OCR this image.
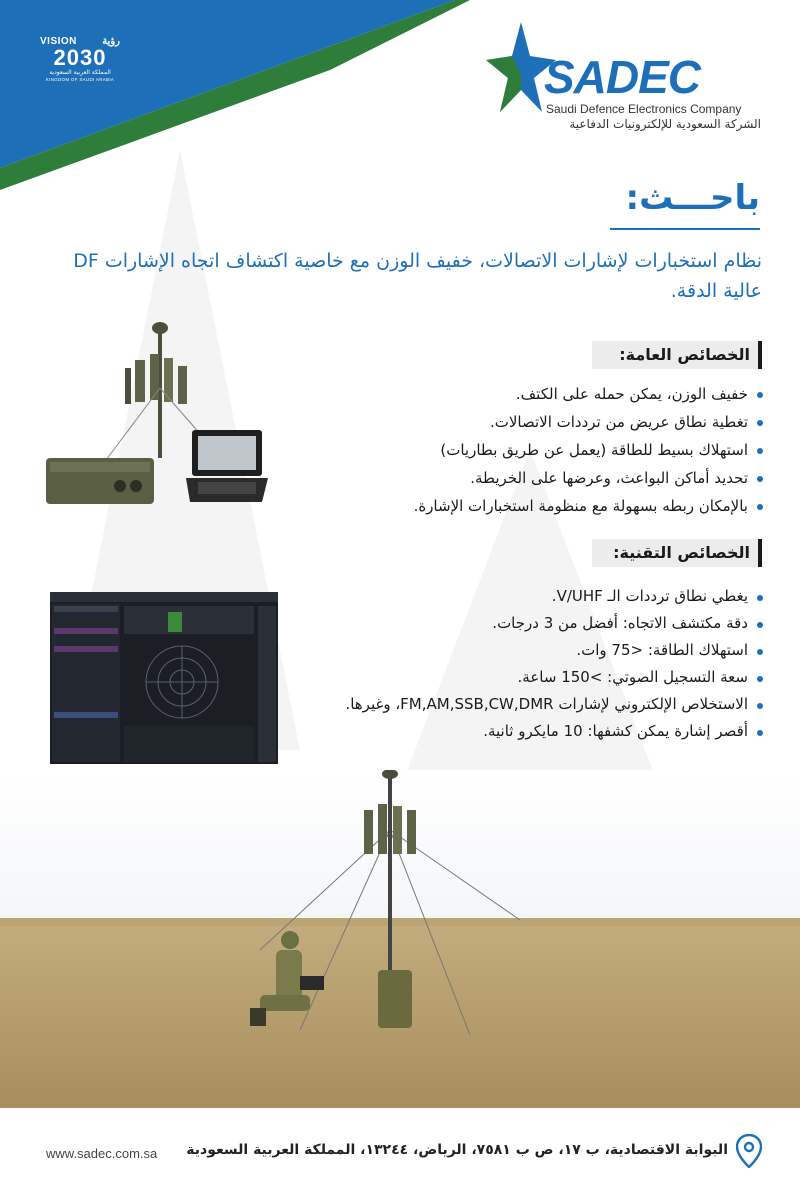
VISION	رؤية
2030
المملكة العربية السعودية
KINGDOM OF SAUDI ARABIA	SADEC
Saudi Defence Electronics Company
الشركة السعودية للإلكترونيات الدفاعية
باحـــث:
نظام استخبارات لإشارات الاتصالات، خفيف الوزن مع خاصية اكتشاف اتجاه الإشارات DF عالية الدقة.
الخصائص العامة:
خفيف الوزن، يمكن حمله على الكتف.
تغطية نطاق عريض من ترددات الاتصالات.
استهلاك بسيط للطاقة (يعمل عن طريق بطاريات)
تحديد أماكن البواعث، وعرضها على الخريطة.
بالإمكان ربطه بسهولة مع منظومة استخبارات الإشارة.
الخصائص التقنية:
يغطي نطاق ترددات الـ V/UHF.
دقة مكتشف الاتجاه: أفضل من 3 درجات.
استهلاك الطاقة: <75 وات.
سعة التسجيل الصوتي: >150 ساعة.
الاستخلاص الإلكتروني لإشارات FM,AM,SSB,CW,DMR، وغيرها.
أقصر إشارة يمكن كشفها: 10 مايكرو ثانية.
www.sadec.com.sa البوابة الاقتصادية، ب ١٧، ص ب ٧٥٨١، الرياض، ١٣٢٤٤، المملكة العربية السعودية
